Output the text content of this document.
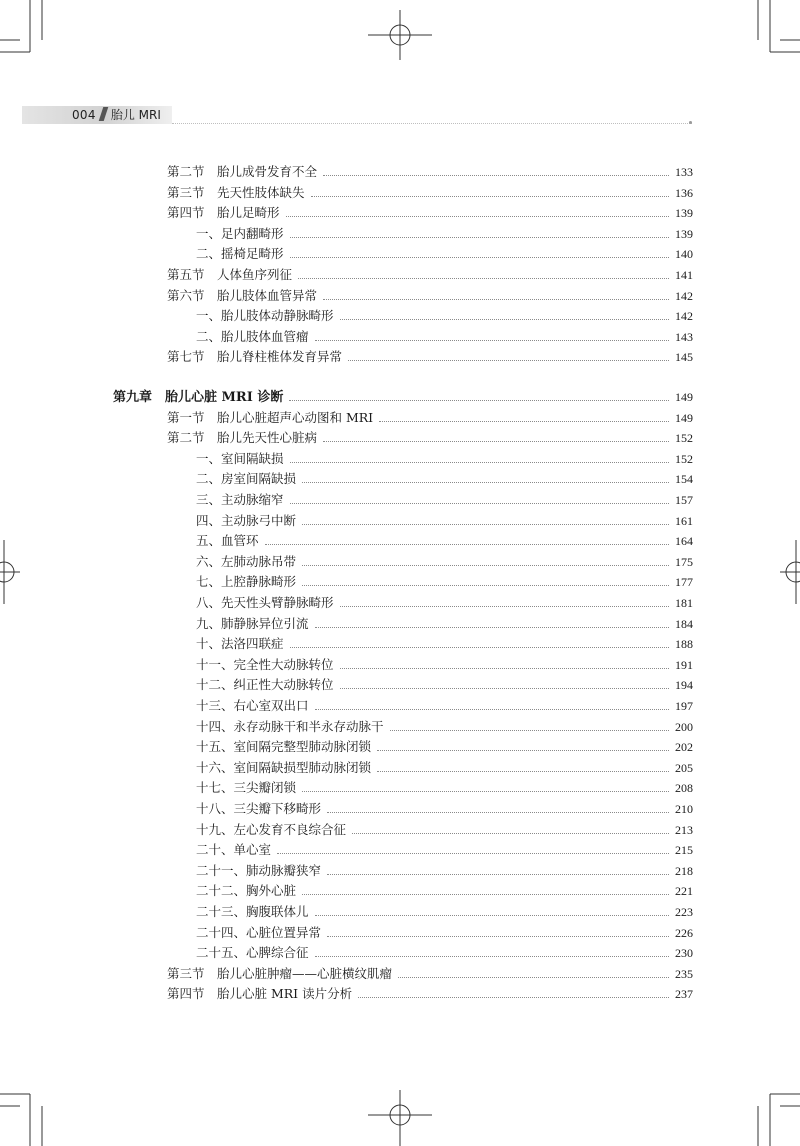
004 胎儿 MRI
第二节　胎儿成骨发育不全	133
第三节　先天性肢体缺失	136
第四节　胎儿足畸形	139
一、足内翻畸形	139
二、摇椅足畸形	140
第五节　人体鱼序列征	141
第六节　胎儿肢体血管异常	142
一、胎儿肢体动静脉畸形	142
二、胎儿肢体血管瘤	143
第七节　胎儿脊柱椎体发育异常	145
第九章　胎儿心脏 MRI 诊断	149
第一节　胎儿心脏超声心动图和 MRI	149
第二节　胎儿先天性心脏病	152
一、室间隔缺损	152
二、房室间隔缺损	154
三、主动脉缩窄	157
四、主动脉弓中断	161
五、血管环	164
六、左肺动脉吊带	175
七、上腔静脉畸形	177
八、先天性头臂静脉畸形	181
九、肺静脉异位引流	184
十、法洛四联症	188
十一、完全性大动脉转位	191
十二、纠正性大动脉转位	194
十三、右心室双出口	197
十四、永存动脉干和半永存动脉干	200
十五、室间隔完整型肺动脉闭锁	202
十六、室间隔缺损型肺动脉闭锁	205
十七、三尖瓣闭锁	208
十八、三尖瓣下移畸形	210
十九、左心发育不良综合征	213
二十、单心室	215
二十一、肺动脉瓣狭窄	218
二十二、胸外心脏	221
二十三、胸腹联体儿	223
二十四、心脏位置异常	226
二十五、心脾综合征	230
第三节　胎儿心脏肿瘤——心脏横纹肌瘤	235
第四节　胎儿心脏 MRI 读片分析	237
